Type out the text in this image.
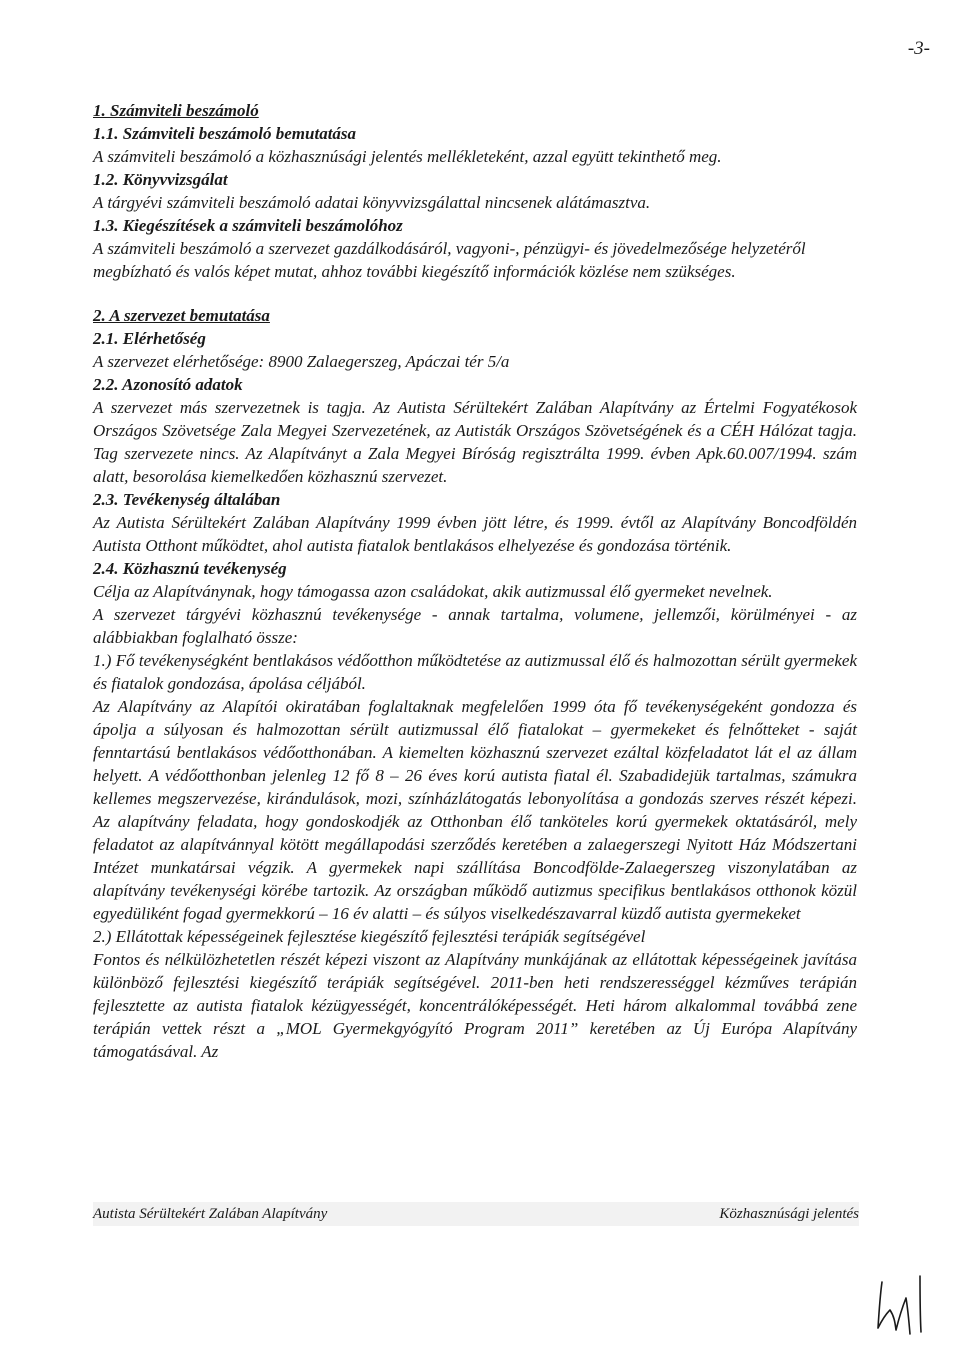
-3-

1. Számviteli beszámoló

1.1. Számviteli beszámoló bemutatása

A számviteli beszámoló a közhasznúsági jelentés mellékleteként, azzal együtt tekinthető meg.

1.2. Könyvvizsgálat

A tárgyévi számviteli beszámoló adatai könyvvizsgálattal nincsenek alátámasztva.

1.3. Kiegészítések a számviteli beszámolóhoz

A számviteli beszámoló a szervezet gazdálkodásáról, vagyoni-, pénzügyi- és jövedelmezősége helyzetéről megbízható és valós képet mutat, ahhoz további kiegészítő információk közlése nem szükséges.

2. A szervezet bemutatása

2.1. Elérhetőség

A szervezet elérhetősége: 8900 Zalaegerszeg, Apáczai tér 5/a

2.2. Azonosító adatok

A szervezet más szervezetnek is tagja. Az Autista Sérültekért Zalában Alapítvány az Értelmi Fogyatékosok Országos Szövetsége Zala Megyei Szervezetének, az Autisták Országos Szövetségének és a CÉH Hálózat tagja. Tag szervezete nincs. Az Alapítványt a Zala Megyei Bíróság regisztrálta 1999. évben Apk.60.007/1994. szám alatt, besorolása kiemelkedően közhasznú szervezet.

2.3. Tevékenység általában

Az Autista Sérültekért Zalában Alapítvány 1999 évben jött létre, és 1999. évtől az Alapítvány Boncodföldén Autista Otthont működtet, ahol autista fiatalok bentlakásos elhelyezése és gondozása történik.

2.4. Közhasznú tevékenység

Célja az Alapítványnak, hogy támogassa azon családokat, akik autizmussal élő gyermeket nevelnek.

A szervezet tárgyévi közhasznú tevékenysége - annak tartalma, volumene, jellemzői, körülményei - az alábbiakban foglalható össze:

1.) Fő tevékenységként bentlakásos védőotthon működtetése az autizmussal élő és halmozottan sérült gyermekek és fiatalok gondozása, ápolása céljából.

Az Alapítvány az Alapítói okiratában foglaltaknak megfelelően 1999 óta fő tevékenységeként gondozza és ápolja a súlyosan és halmozottan sérült autizmussal élő fiatalokat – gyermekeket és felnőtteket - saját fenntartású bentlakásos védőotthonában. A kiemelten közhasznú szervezet ezáltal közfeladatot lát el az állam helyett. A védőotthonban jelenleg 12 fő 8 – 26 éves korú autista fiatal él. Szabadidejük tartalmas, számukra kellemes megszervezése, kirándulások, mozi, színházlátogatás lebonyolítása a gondozás szerves részét képezi. Az alapítvány feladata, hogy gondoskodjék az Otthonban élő tanköteles korú gyermekek oktatásáról, mely feladatot az alapítvánnyal kötött megállapodási szerződés keretében a zalaegerszegi Nyitott Ház Módszertani Intézet munkatársai végzik. A gyermekek napi szállítása Boncodfölde-Zalaegerszeg viszonylatában az alapítvány tevékenységi körébe tartozik. Az országban működő autizmus specifikus bentlakásos otthonok közül egyedüliként fogad gyermekkorú – 16 év alatti – és súlyos viselkedészavarral küzdő autista gyermekeket

2.) Ellátottak képességeinek fejlesztése kiegészítő fejlesztési terápiák segítségével

Fontos és nélkülözhetetlen részét képezi viszont az Alapítvány munkájának az ellátottak képességeinek javítása különböző fejlesztési kiegészítő terápiák segítségével. 2011-ben heti rendszerességgel kézműves terápián fejlesztette az autista fiatalok kézügyességét, koncentrálóképességét. Heti három alkalommal továbbá zene terápián vettek részt a „MOL Gyermekgyógyító Program 2011” keretében az Új Európa Alapítvány támogatásával. Az

Autista Sérültekért Zalában Alapítvány	Közhasznúsági jelentés
